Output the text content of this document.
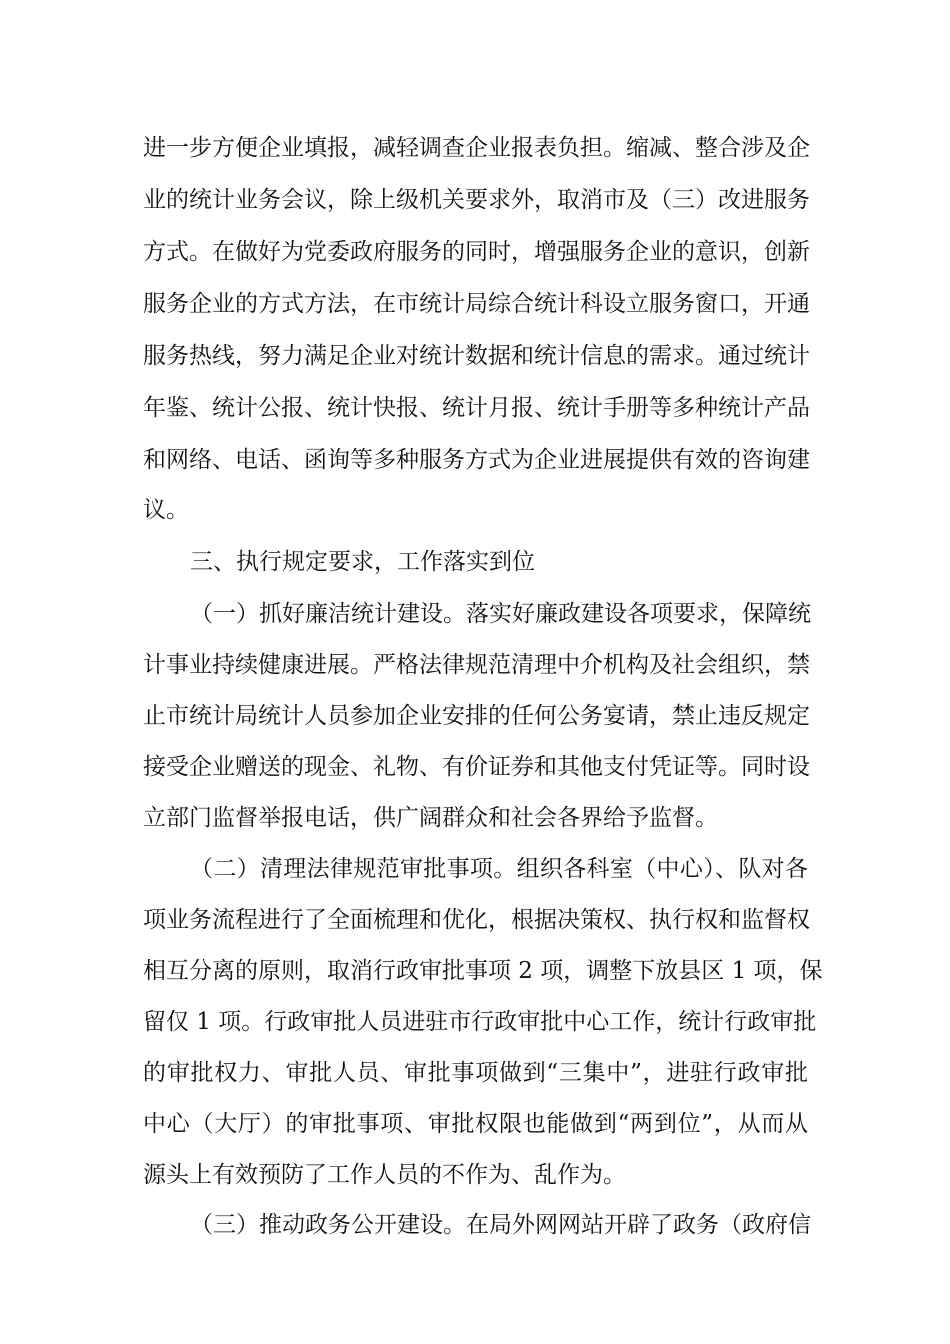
进一步方便企业填报，减轻调查企业报表负担。缩减、整合涉及企
业的统计业务会议，除上级机关要求外，取消市及（三）改进服务
方式。在做好为党委政府服务的同时，增强服务企业的意识，创新
服务企业的方式方法，在市统计局综合统计科设立服务窗口，开通
服务热线，努力满足企业对统计数据和统计信息的需求。通过统计
年鉴、统计公报、统计快报、统计月报、统计手册等多种统计产品
和网络、电话、函询等多种服务方式为企业进展提供有效的咨询建
议。
三、执行规定要求，工作落实到位
（一）抓好廉洁统计建设。落实好廉政建设各项要求，保障统
计事业持续健康进展。严格法律规范清理中介机构及社会组织，禁
止市统计局统计人员参加企业安排的任何公务宴请，禁止违反规定
接受企业赠送的现金、礼物、有价证券和其他支付凭证等。同时设
立部门监督举报电话，供广阔群众和社会各界给予监督。
（二）清理法律规范审批事项。组织各科室（中心）、队对各
项业务流程进行了全面梳理和优化，根据决策权、执行权和监督权
相互分离的原则，取消行政审批事项 2 项，调整下放县区 1 项，保
留仅 1 项。行政审批人员进驻市行政审批中心工作，统计行政审批
的审批权力、审批人员、审批事项做到“三集中”，进驻行政审批
中心（大厅）的审批事项、审批权限也能做到“两到位”，从而从
源头上有效预防了工作人员的不作为、乱作为。
（三）推动政务公开建设。在局外网网站开辟了政务（政府信
